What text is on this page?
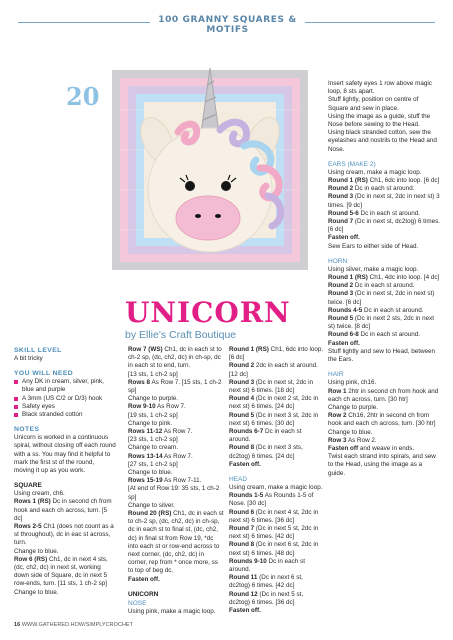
100 GRANNY SQUARES & MOTIFS
20
UNICORN
by Ellie's Craft Boutique
SKILL LEVEL

A bit tricky

YOU WILL NEED
Any DK in cream, silver, pink, blue and purple
A 3mm (US C/2 or D/3) hook
Safety eyes
Black stranded cotton
NOTES

Unicorn is worked in a continuous spiral, without closing off each round with a ss. You may find it helpful to mark the first st of the round, moving it up as you work.

SQUARE

Using cream, ch6.

Rows 1 (RS) Dc in second ch from hook and each ch across, turn. [5 dc]

Rows 2-5 Ch1 (does not count as a st throughout), dc in eac st across, turn.

Change to blue.

Row 6 (RS) Ch1, dc in next 4 sts, (dc, ch2, dc) in next st, working down side of Square, dc in next 5 row-ends, turn. [11 sts, 1 ch-2 sp]

Change to blue.

Row 7 (WS) Ch1, dc in each st to ch-2 sp, (dc, ch2, dc) in ch-sp, dc in each st to end, turn.

[13 sts, 1 ch-2 sp]

Rows 8 As Row 7. [15 sts, 1 ch-2 sp]

Change to purple.

Row 9-10 As Row 7.

[19 sts, 1 ch-2 sp]

Change to pink.

Rows 11-12 As Row 7.

[23 sts, 1 ch-2 sp]

Change to cream.

Rows 13-14 As Row 7.

[27 sts, 1 ch-2 sp]

Change to blue.

Rows 15-19 As Row 7-11.

[At end of Row 19: 35 sts, 1 ch-2 sp]

Change to silver.

Round 20 (RS) Ch1, dc in each st to ch-2 sp, (dc, ch2, dc) in ch-sp, dc in each st to final st, (dc, ch2, dc) in final st from Row 19, *dc into each st or row-end across to next corner, (dc, ch2, dc) in corner, rep from * once more, ss to top of beg dc.

Fasten off.

UNICORN
NOSE

Using pink, make a magic loop.

Round 1 (RS) Ch1, 6dc into loop. [6 dc]

Round 2 2dc in each st around. [12 dc]

Round 3 (Dc in next st, 2dc in next st) 6 times. [18 dc]

Round 4 (Dc in next 2 st, 2dc in next st) 6 times. [24 dc]

Round 5 (Dc in next 3 st, 2dc in next st) 6 times. [30 dc]

Rounds 6-7 Dc in each st around.

Round 8 (Dc in next 3 sts, dc2tog) 6 times. [24 dc]

Fasten off.

HEAD

Using cream, make a magic loop.

Rounds 1-5 As Rounds 1-5 of Nose. [30 dc]

Round 6 (Dc in next 4 st, 2dc in next st) 6 times. [36 dc]

Round 7 (Dc in next 5 st, 2dc in next st) 6 times. [42 dc]

Round 8 (Dc in next 6 st, 2dc in next st) 6 times. [48 dc]

Rounds 9-10 Dc in each st around.

Round 11 (Dc in next 6 st, dc2tog) 6 times. [42 dc]

Round 12 (Dc in next 5 st, dc2tog) 6 times. [36 dc]

Fasten off.

Insert safety eyes 1 row above magic loop, 8 sts apart.

Stuff lightly, position on centre of Square and sew in place.

Using the image as a guide, stuff the Nose before sewing to the Head.

Using black stranded cotton, sew the eyelashes and nostrils to the Head and Nose.

EARS (MAKE 2)

Using cream, make a magic loop.

Round 1 (RS) Ch1, 6dc into loop. [6 dc]

Round 2 Dc in each st around.

Round 3 (Dc in next st, 2dc in next st) 3 times. [9 dc]

Round 5-6 Dc in each st around.

Round 7 (Dc in next st, dc2tog) 6 times. [6 dc]

Fasten off.

Sew Ears to either side of Head.

HORN

Using silver, make a magic loop.

Round 1 (RS) Ch1, 4dc into loop. [4 dc]

Round 2 Dc in each st around.

Round 3 (Dc in next st, 2dc in next st) twice. [6 dc]

Rounds 4-5 Dc in each st around.

Round 5 (Dc in next 2 sts, 2dc in next st) twice. [8 dc]

Round 6-8 Dc in each st around.

Fasten off.

Stuff lightly and sew to Head, between the Ears.

HAIR

Using pink, ch16.

Row 1 2htr in second ch from hook and each ch across, turn. [30 htr]

Change to purple.

Row 2 Ch16, 2htr in second ch from hook and each ch across, turn. [30 htr]

Change to blue.

Row 3 As Row 2.

Fasten off and weave in ends.

Twist each strand into spirals, and sew to the Head, using the image as a guide.

16 WWW.GATHERED.HOW/SIMPLYCROCHET
